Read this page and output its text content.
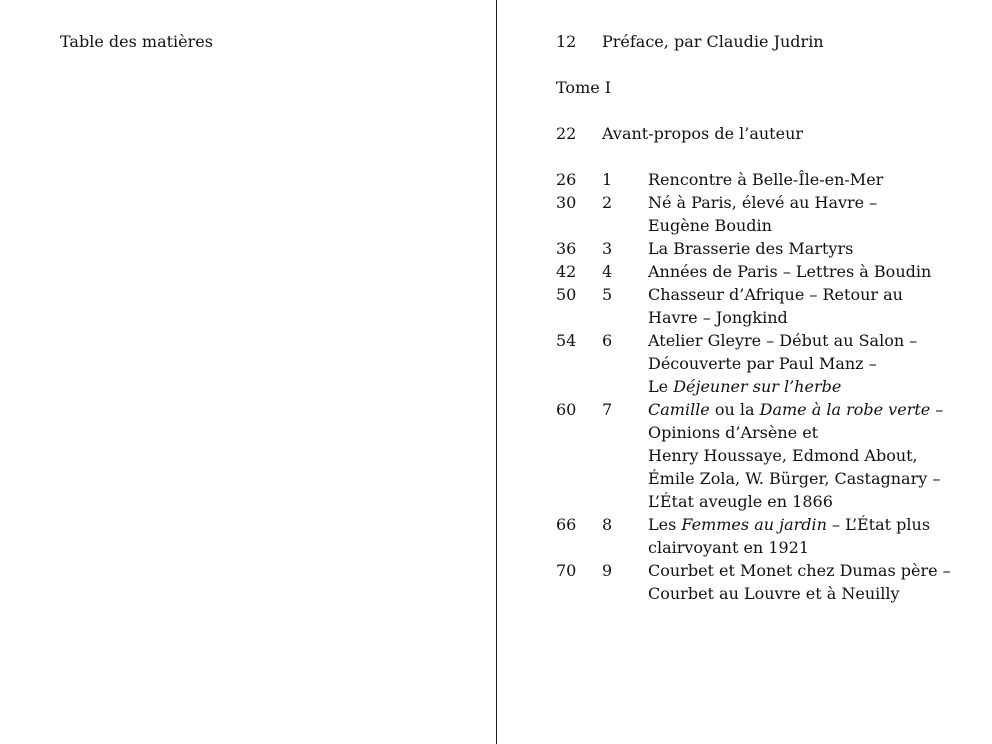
Table des matières	12	Préface, par Claudie Judrin
Tome I
22	Avant-propos de l’auteur
26	1	Rencontre à Belle-Île-en-Mer
30	2	Né à Paris, élevé au Havre –
Eugène Boudin
36	3	La Brasserie des Martyrs
42	4	Années de Paris – Lettres à Boudin
50	5	Chasseur d’Afrique – Retour au
Havre – Jongkind
54	6	Atelier Gleyre – Début au Salon –
Découverte par Paul Manz –
Le Déjeuner sur l’herbe
60	7	Camille ou la Dame à la robe verte –
Opinions d’Arsène et
Henry Houssaye, Edmond About,
Émile Zola, W. Bürger, Castagnary –
L’État aveugle en 1866
66	8	Les Femmes au jardin – L’État plus
clairvoyant en 1921
70	9	Courbet et Monet chez Dumas père –
Courbet au Louvre et à Neuilly
